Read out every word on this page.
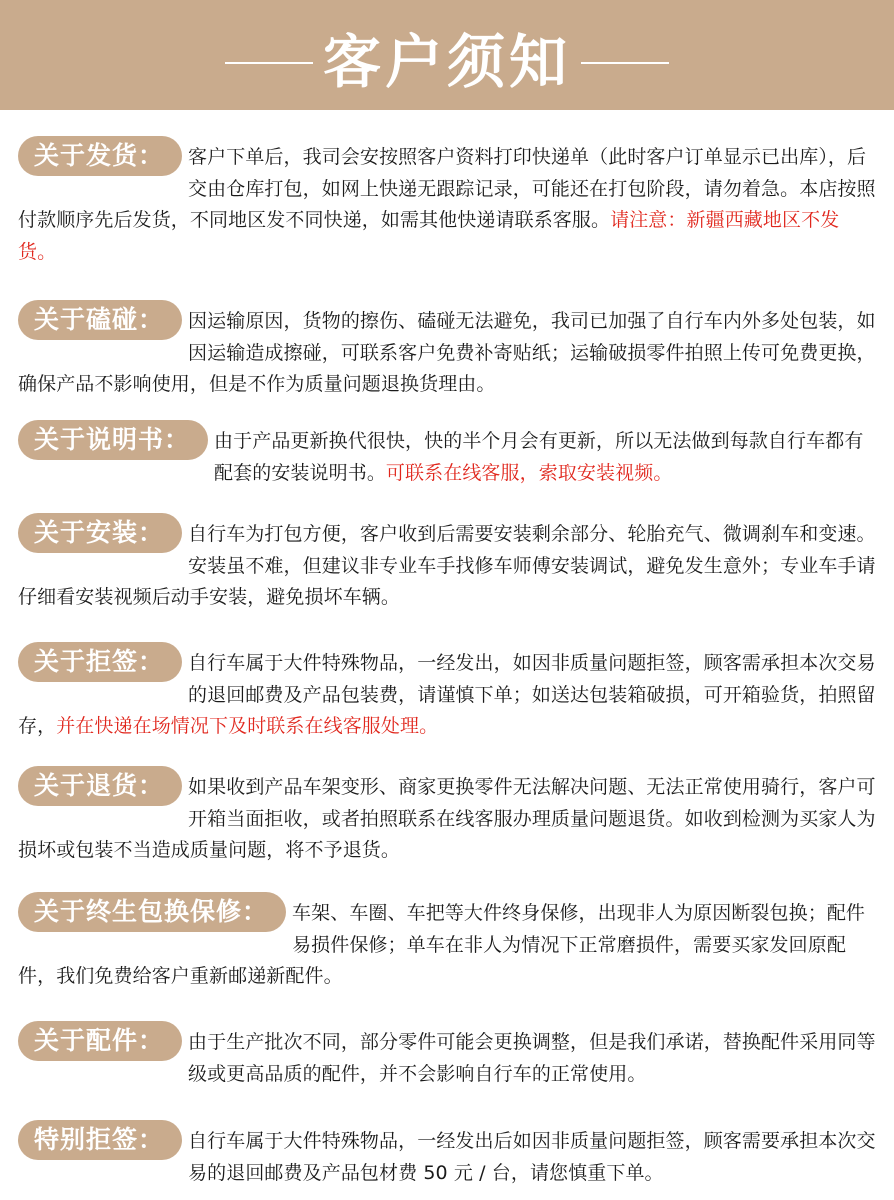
客户须知
关于发货：	客户下单后，我司会安按照客户资料打印快递单（此时客户订单显示已出库），后交由仓库打包，如网上快递无跟踪记录，可能还在打包阶段，请勿着急。本店按照付款顺序先后发货，不同地区发不同快递，如需其他快递请联系客服。请注意：新疆西藏地区不发货。
关于磕碰：	因运输原因，货物的擦伤、磕碰无法避免，我司已加强了自行车内外多处包装，如因运输造成擦碰，可联系客户免费补寄贴纸；运输破损零件拍照上传可免费更换，确保产品不影响使用，但是不作为质量问题退换货理由。
关于说明书：	由于产品更新换代很快，快的半个月会有更新，所以无法做到每款自行车都有配套的安装说明书。可联系在线客服，索取安装视频。
关于安装：	自行车为打包方便，客户收到后需要安装剩余部分、轮胎充气、微调刹车和变速。安装虽不难，但建议非专业车手找修车师傅安装调试，避免发生意外；专业车手请仔细看安装视频后动手安装，避免损坏车辆。
关于拒签：	自行车属于大件特殊物品，一经发出，如因非质量问题拒签，顾客需承担本次交易的退回邮费及产品包装费，请谨慎下单；如送达包装箱破损，可开箱验货，拍照留存，并在快递在场情况下及时联系在线客服处理。
关于退货：	如果收到产品车架变形、商家更换零件无法解决问题、无法正常使用骑行，客户可开箱当面拒收，或者拍照联系在线客服办理质量问题退货。如收到检测为买家人为损坏或包装不当造成质量问题，将不予退货。
关于终生包换保修：	车架、车圈、车把等大件终身保修，出现非人为原因断裂包换；配件易损件保修；单车在非人为情况下正常磨损件，需要买家发回原配件，我们免费给客户重新邮递新配件。
关于配件：	由于生产批次不同，部分零件可能会更换调整，但是我们承诺，替换配件采用同等级或更高品质的配件，并不会影响自行车的正常使用。
特别拒签：	自行车属于大件特殊物品，一经发出后如因非质量问题拒签，顾客需要承担本次交易的退回邮费及产品包材费 50 元 / 台，请您慎重下单。
